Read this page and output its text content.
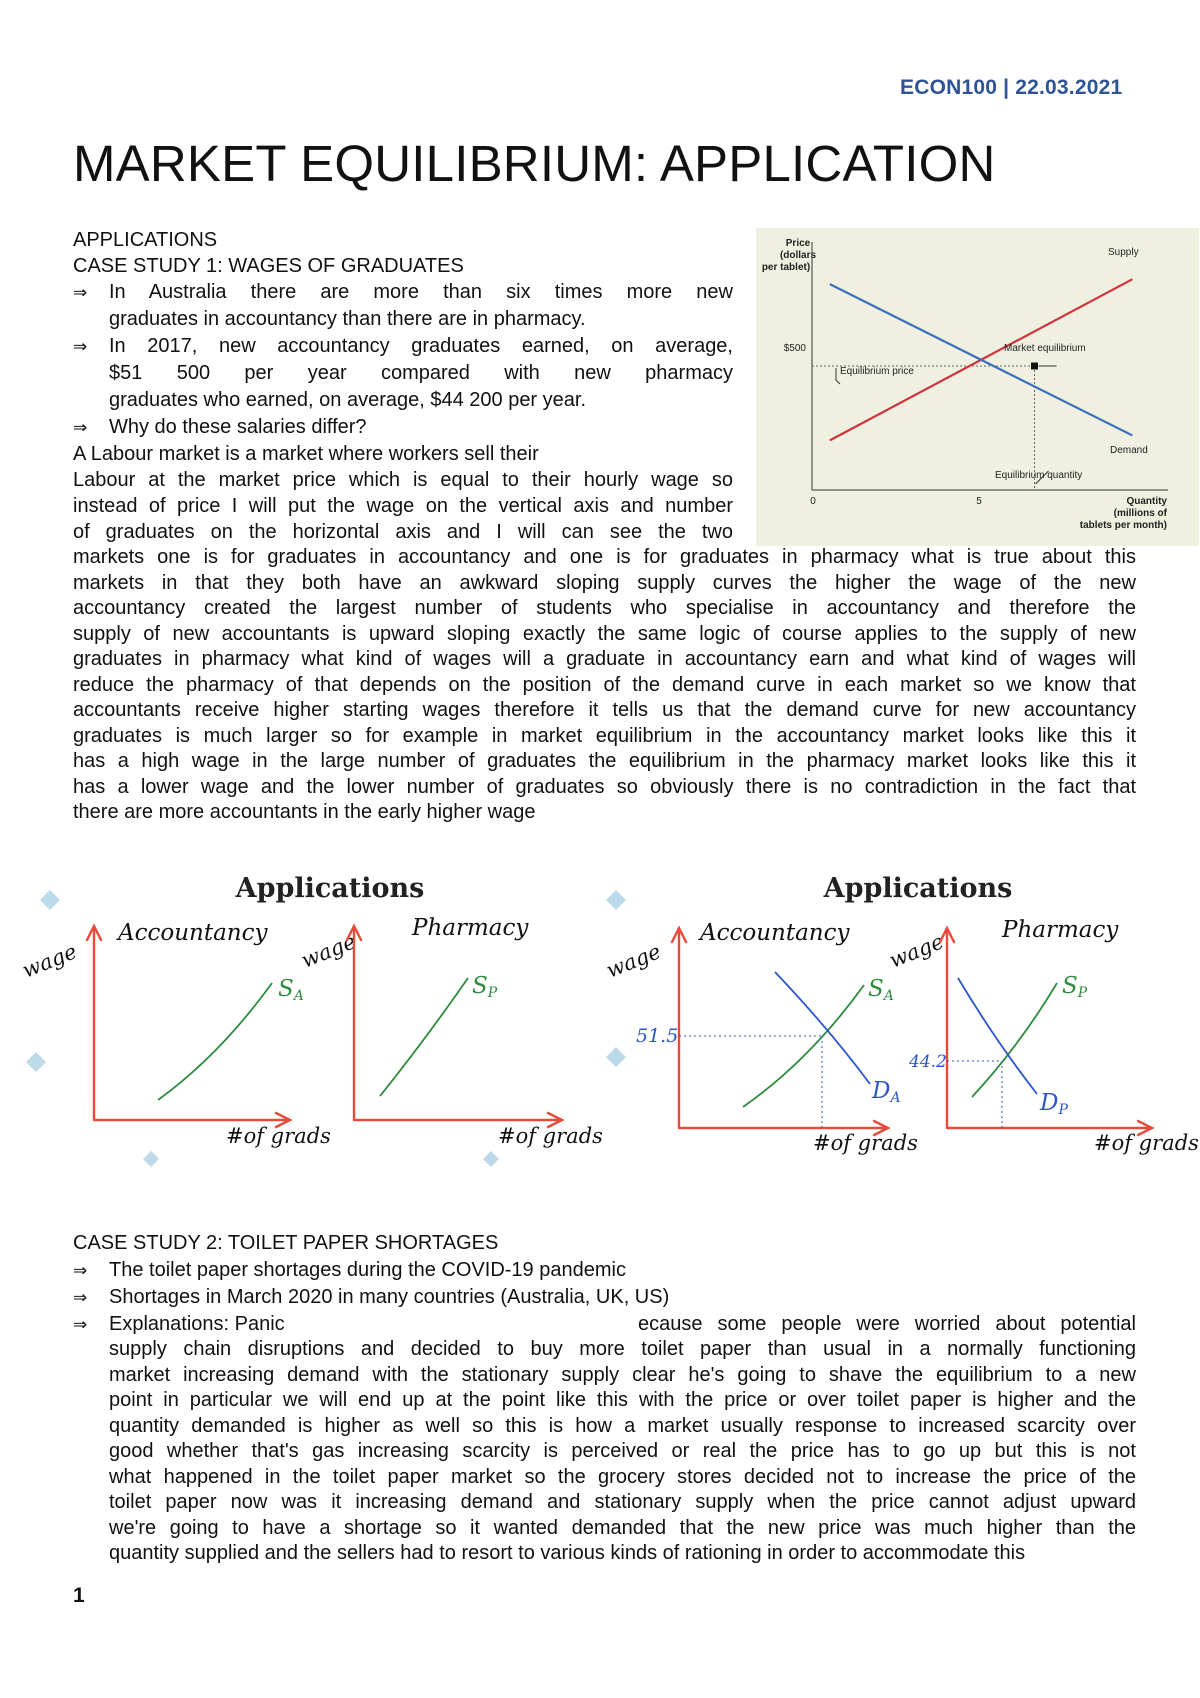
ECON100 | 22.03.2021
MARKET EQUILIBRIUM: APPLICATION
APPLICATIONS
CASE STUDY 1: WAGES OF GRADUATES
⇒	In Australia there are more than six times more new
graduates in accountancy than there are in pharmacy.
⇒	In 2017, new accountancy graduates earned, on average,
$51 500 per year compared with new pharmacy
graduates who earned, on average, $44 200 per year.
⇒	Why do these salaries differ?
A Labour market is a market where workers sell their
Labour at the market price which is equal to their hourly wage so
instead of price I will put the wage on the vertical axis and number
of graduates on the horizontal axis and I will can see the two
markets one is for graduates in accountancy and one is for graduates in pharmacy what is true about this
markets in that they both have an awkward sloping supply curves the higher the wage of the new
accountancy created the largest number of students who specialise in accountancy and therefore the
supply of new accountants is upward sloping exactly the same logic of course applies to the supply of new
graduates in pharmacy what kind of wages will a graduate in accountancy earn and what kind of wages will
reduce the pharmacy of that depends on the position of the demand curve in each market so we know that
accountants receive higher starting wages therefore it tells us that the demand curve for new accountancy
graduates is much larger so for example in market equilibrium in the accountancy market looks like this it
has a high wage in the large number of graduates the equilibrium in the pharmacy market looks like this it
has a lower wage and the lower number of graduates so obviously there is no contradiction in the fact that
there are more accountants in the early higher wage
Price
(dollars
per tablet)
Quantity
(millions of
tablets per month)
Supply
Demand
$500	Market equilibrium
Equilibrium price
Equilibrium quantity
0	5
Applications	Applications
Accountancy	Pharmacy	Accountancy	Pharmacy
wage	wage	wage	wage
#of grads	#of grads	#of grads	#of grads
51.5
44.2
SA	SP	SA	SP
DA	DP
CASE STUDY 2: TOILET PAPER SHORTAGES
⇒	The toilet paper shortages during the COVID-19 pandemic
⇒	Shortages in March 2020 in many countries (Australia, UK, US)
⇒	Explanations: Panic	ecause some people were worried about potential
supply chain disruptions and decided to buy more toilet paper than usual in a normally functioning
market increasing demand with the stationary supply clear he's going to shave the equilibrium to a new
point in particular we will end up at the point like this with the price or over toilet paper is higher and the
quantity demanded is higher as well so this is how a market usually response to increased scarcity over
good whether that's gas increasing scarcity is perceived or real the price has to go up but this is not
what happened in the toilet paper market so the grocery stores decided not to increase the price of the
toilet paper now was it increasing demand and stationary supply when the price cannot adjust upward
we're going to have a shortage so it wanted demanded that the new price was much higher than the
quantity supplied and the sellers had to resort to various kinds of rationing in order to accommodate this
1
